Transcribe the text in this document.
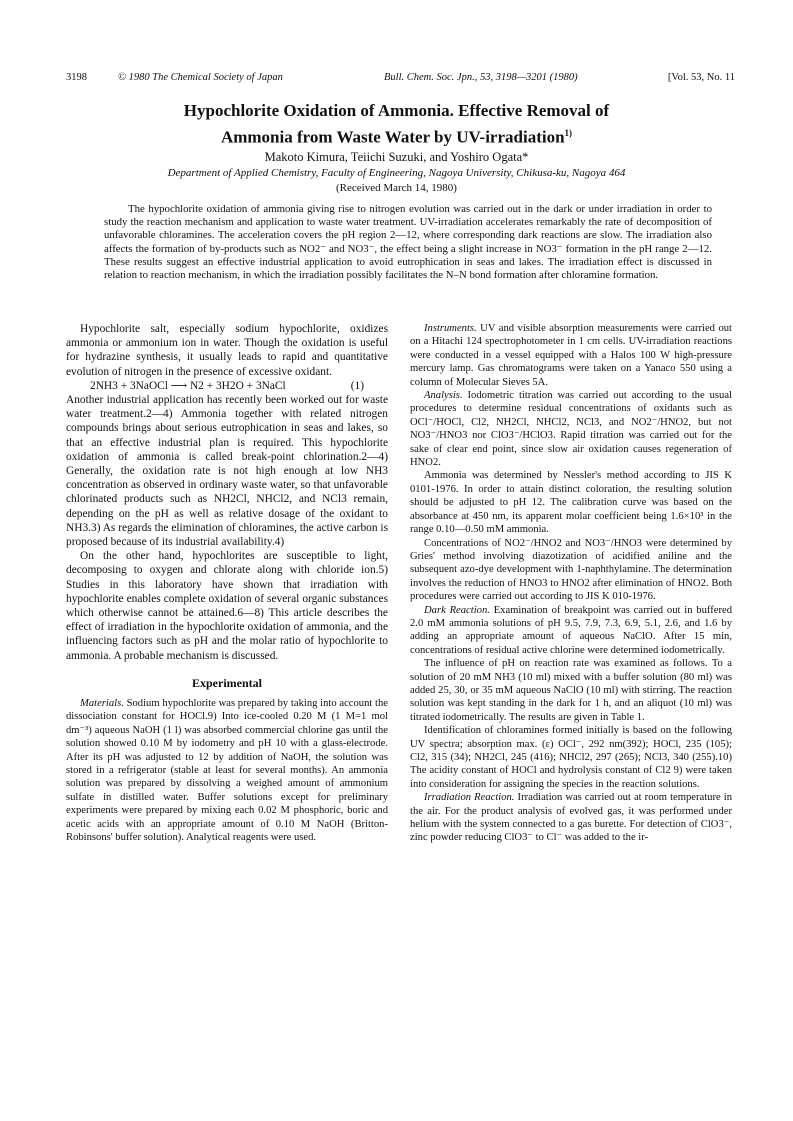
3198	© 1980 The Chemical Society of Japan	Bull. Chem. Soc. Jpn., 53, 3198—3201 (1980)	[Vol. 53, No. 11
Hypochlorite Oxidation of Ammonia. Effective Removal of
Ammonia from Waste Water by UV-irradiation$^{1)}$
Makoto Kimura, Teiichi Suzuki, and Yoshiro Ogata*
Department of Applied Chemistry, Faculty of Engineering, Nagoya University, Chikusa-ku, Nagoya 464
(Received March 14, 1980)

The hypochlorite oxidation of ammonia giving rise to nitrogen evolution was carried out in the dark or under irradiation in order to study the reaction mechanism and application to waste water treatment. UV-irradiation accelerates remarkably the rate of decomposition of unfavorable chloramines. The acceleration covers the pH region 2—12, where corresponding dark reactions are slow. The irradiation also affects the formation of by-products such as NO2⁻ and NO3⁻, the effect being a slight increase in NO3⁻ formation in the pH range 2—12. These results suggest an effective industrial application to avoid eutrophication in seas and lakes. The irradiation effect is discussed in relation to reaction mechanism, in which the irradiation possibly facilitates the N–N bond formation after chloramine formation.

Hypochlorite salt, especially sodium hypochlorite, oxidizes ammonia or ammonium ion in water. Though the oxidation is useful for hydrazine synthesis, it usually leads to rapid and quantitative evolution of nitrogen in the presence of excessive oxidant.

2NH3 + 3NaOCl ⟶ N2 + 3H2O + 3NaCl	(1)

Another industrial application has recently been worked out for waste water treatment.2—4) Ammonia together with related nitrogen compounds brings about serious eutrophication in seas and lakes, so that an effective industrial plan is required. This hypochlorite oxidation of ammonia is called break-point chlorination.2—4) Generally, the oxidation rate is not high enough at low NH3 concentration as observed in ordinary waste water, so that unfavorable chlorinated products such as NH2Cl, NHCl2, and NCl3 remain, depending on the pH as well as relative dosage of the oxidant to NH3.3) As regards the elimination of chloramines, the active carbon is proposed because of its industrial availability.4)

On the other hand, hypochlorites are susceptible to light, decomposing to oxygen and chlorate along with chloride ion.5) Studies in this laboratory have shown that irradiation with hypochlorite enables complete oxidation of several organic substances which otherwise cannot be attained.6—8) This article describes the effect of irradiation in the hypochlorite oxidation of ammonia, and the influencing factors such as pH and the molar ratio of hypochlorite to ammonia. A probable mechanism is discussed.

Experimental

Materials. Sodium hypochlorite was prepared by taking into account the dissociation constant for HOCl.9) Into ice-cooled 0.20 M (1 M=1 mol dm⁻³) aqueous NaOH (1 l) was absorbed commercial chlorine gas until the solution showed 0.10 M by iodometry and pH 10 with a glass-electrode. After its pH was adjusted to 12 by addition of NaOH, the solution was stored in a refrigerator (stable at least for several months). An ammonia solution was prepared by dissolving a weighed amount of ammonium sulfate in distilled water. Buffer solutions except for preliminary experiments were prepared by mixing each 0.02 M phosphoric, boric and acetic acids with an appropriate amount of 0.10 M NaOH (Britton-Robinsons' buffer solution). Analytical reagents were used.

Instruments. UV and visible absorption measurements were carried out on a Hitachi 124 spectrophotometer in 1 cm cells. UV-irradiation reactions were conducted in a vessel equipped with a Halos 100 W high-pressure mercury lamp. Gas chromatograms were taken on a Yanaco 550 using a column of Molecular Sieves 5A.

Analysis. Iodometric titration was carried out according to the usual procedures to determine residual concentrations of oxidants such as OCl⁻/HOCl, Cl2, NH2Cl, NHCl2, NCl3, and NO2⁻/HNO2, but not NO3⁻/HNO3 nor ClO3⁻/HClO3. Rapid titration was carried out for the sake of clear end point, since slow air oxidation causes regeneration of HNO2.

Ammonia was determined by Nessler's method according to JIS K 0101-1976. In order to attain distinct coloration, the resulting solution should be adjusted to pH 12. The calibration curve was based on the absorbance at 450 nm, its apparent molar coefficient being 1.6×10³ in the range 0.10—0.50 mM ammonia.

Concentrations of NO2⁻/HNO2 and NO3⁻/HNO3 were determined by Gries' method involving diazotization of acidified aniline and the subsequent azo-dye development with 1-naphthylamine. The determination involves the reduction of HNO3 to HNO2 after elimination of HNO2. Both procedures were carried out according to JIS K 010-1976.

Dark Reaction. Examination of breakpoint was carried out in buffered 2.0 mM ammonia solutions of pH 9.5, 7.9, 7.3, 6.9, 5.1, 2.6, and 1.6 by adding an appropriate amount of aqueous NaClO. After 15 min, concentrations of residual active chlorine were determined iodometrically.

The influence of pH on reaction rate was examined as follows. To a solution of 20 mM NH3 (10 ml) mixed with a buffer solution (80 ml) was added 25, 30, or 35 mM aqueous NaClO (10 ml) with stirring. The reaction solution was kept standing in the dark for 1 h, and an aliquot (10 ml) was titrated iodometrically. The results are given in Table 1.

Identification of chloramines formed initially is based on the following UV spectra; absorption max. (ε) OCl⁻, 292 nm(392); HOCl, 235 (105); Cl2, 315 (34); NH2Cl, 245 (416); NHCl2, 297 (265); NCl3, 340 (255).10) The acidity constant of HOCl and hydrolysis constant of Cl2 9) were taken into consideration for assigning the species in the reaction solutions.

Irradiation Reaction. Irradiation was carried out at room temperature in the air. For the product analysis of evolved gas, it was performed under helium with the system connected to a gas burette. For detection of ClO3⁻, zinc powder reducing ClO3⁻ to Cl⁻ was added to the ir-
